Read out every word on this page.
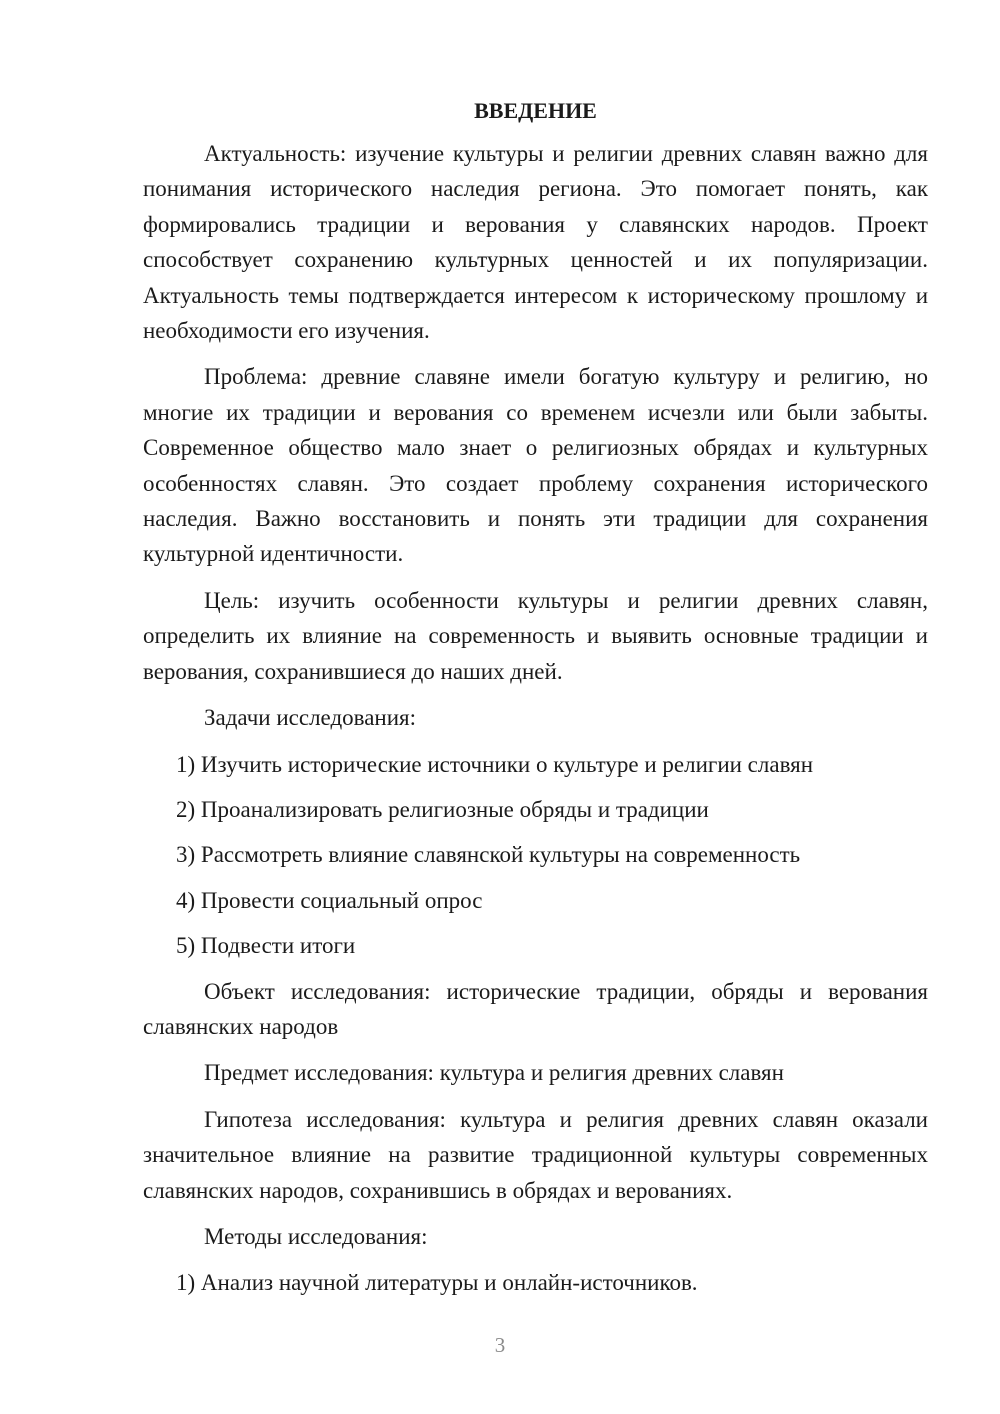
ВВЕДЕНИЕ
Актуальность: изучение культуры и религии древних славян важно для понимания исторического наследия региона. Это помогает понять, как формировались традиции и верования у славянских народов. Проект способствует сохранению культурных ценностей и их популяризации. Актуальность темы подтверждается интересом к историческому прошлому и необходимости его изучения.
Проблема: древние славяне имели богатую культуру и религию, но многие их традиции и верования со временем исчезли или были забыты. Современное общество мало знает о религиозных обрядах и культурных особенностях славян. Это создает проблему сохранения исторического наследия. Важно восстановить и понять эти традиции для сохранения культурной идентичности.
Цель: изучить особенности культуры и религии древних славян, определить их влияние на современность и выявить основные традиции и верования, сохранившиеся до наших дней.
Задачи исследования:
1) Изучить исторические источники о культуре и религии славян
2) Проанализировать религиозные обряды и традиции
3) Рассмотреть влияние славянской культуры на современность
4) Провести социальный опрос
5) Подвести итоги
Объект исследования: исторические традиции, обряды и верования славянских народов
Предмет исследования: культура и религия древних славян
Гипотеза исследования: культура и религия древних славян оказали значительное влияние на развитие традиционной культуры современных славянских народов, сохранившись в обрядах и верованиях.
Методы исследования:
1) Анализ научной литературы и онлайн-источников.
3
